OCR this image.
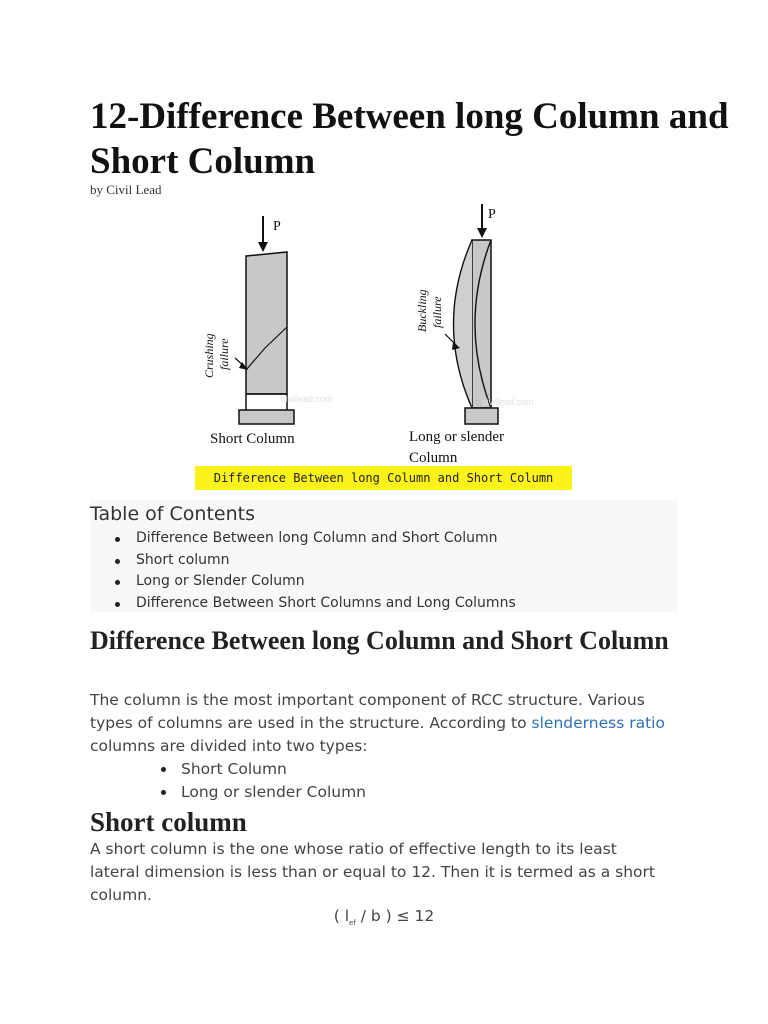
12-Difference Between long Column and Short Column
by Civil Lead
P
Crushing failure
civillead.com
Short Column
P
Buckling failure
civillead.com
Long or slender
Column
Difference Between long Column and Short Column
Table of Contents
Difference Between long Column and Short Column
Short column
Long or Slender Column
Difference Between Short Columns and Long Columns
Difference Between long Column and Short Column

The column is the most important component of RCC structure. Various types of columns are used in the structure. According to slenderness ratio columns are divided into two types:

Short Column
Long or slender Column
Short column

A short column is the one whose ratio of effective length to its least lateral dimension is less than or equal to 12. Then it is termed as a short column.

( $l_{ef}$ / b ) ≤ 12
